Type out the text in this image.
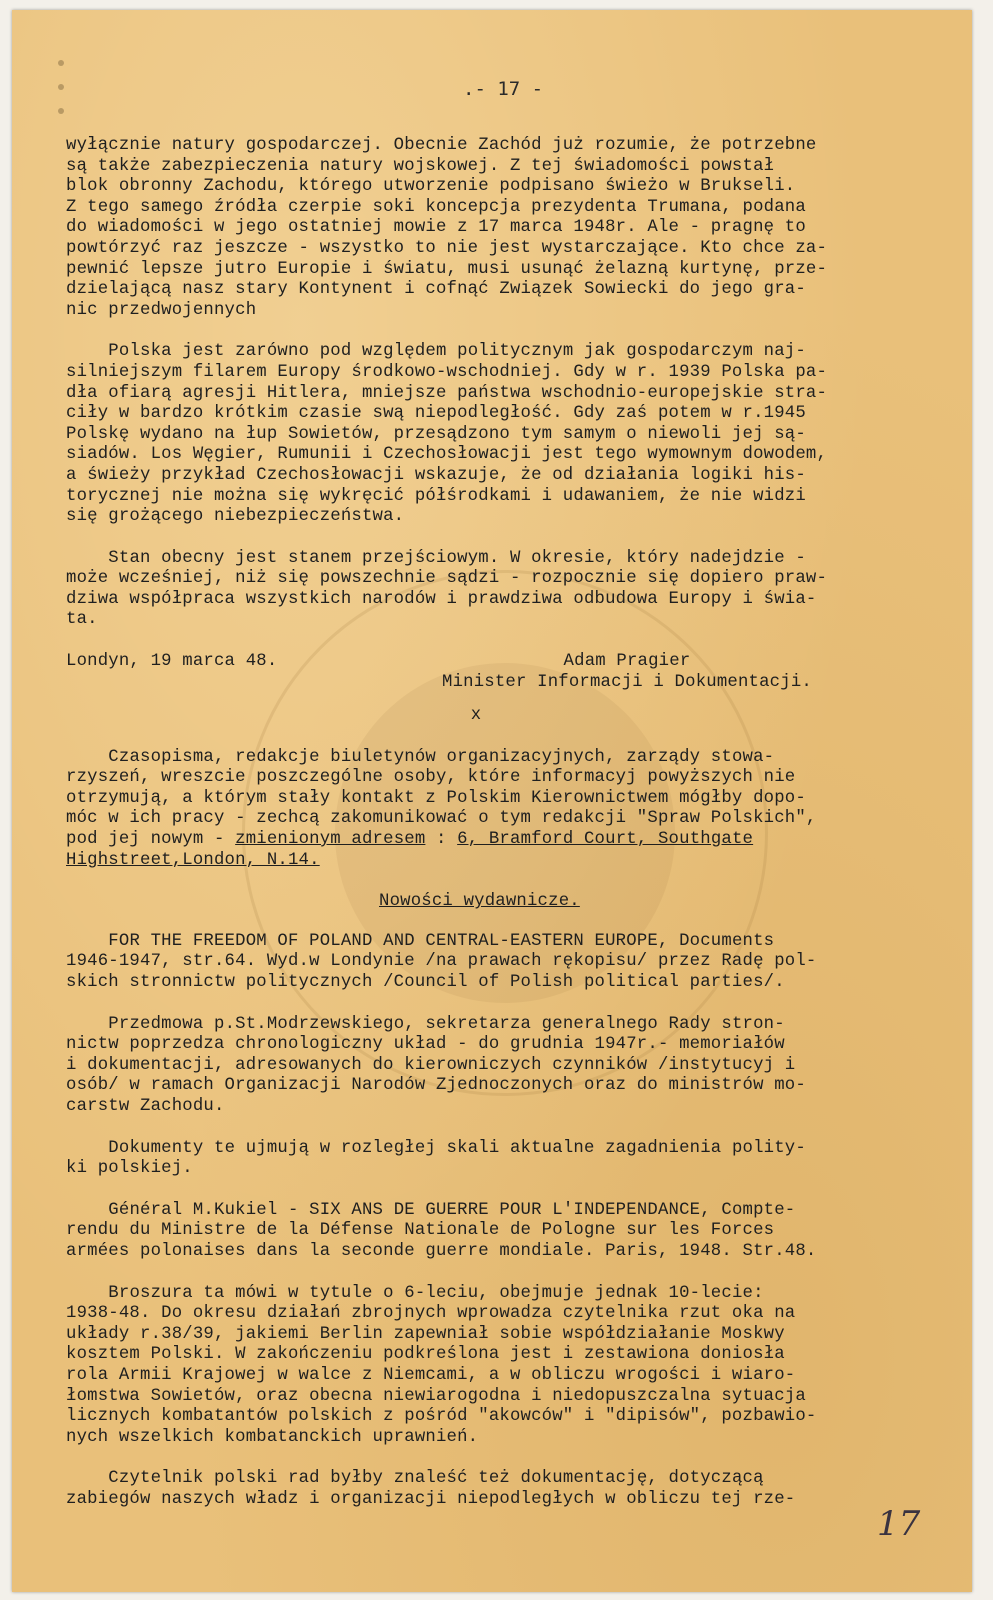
.- 17 -
wyłącznie natury gospodarczej. Obecnie Zachód już rozumie, że potrzebne
są także zabezpieczenia natury wojskowej. Z tej świadomości powstał
blok obronny Zachodu, którego utworzenie podpisano świeżo w Brukseli.
Z tego samego źródła czerpie soki koncepcja prezydenta Trumana, podana
do wiadomości w jego ostatniej mowie z 17 marca 1948r. Ale - pragnę to
powtórzyć raz jeszcze - wszystko to nie jest wystarczające. Kto chce za-
pewnić lepsze jutro Europie i światu, musi usunąć żelazną kurtynę, prze-
dzielającą nasz stary Kontynent i cofnąć Związek Sowiecki do jego gra-
nic przedwojennych
Polska jest zarówno pod względem politycznym jak gospodarczym naj-
silniejszym filarem Europy środkowo-wschodniej. Gdy w r. 1939 Polska pa-
dła ofiarą agresji Hitlera, mniejsze państwa wschodnio-europejskie stra-
ciły w bardzo krótkim czasie swą niepodległość. Gdy zaś potem w r.1945
Polskę wydano na łup Sowietów, przesądzono tym samym o niewoli jej są-
siadów. Los Węgier, Rumunii i Czechosłowacji jest tego wymownym dowodem,
a świeży przykład Czechosłowacji wskazuje, że od działania logiki his-
torycznej nie można się wykręcić półśrodkami i udawaniem, że nie widzi
się grożącego niebezpieczeństwa.
Stan obecny jest stanem przejściowym. W okresie, który nadejdzie -
może wcześniej, niż się powszechnie sądzi - rozpocznie się dopiero praw-
dziwa współpraca wszystkich narodów i prawdziwa odbudowa Europy i świa-
ta.
Londyn, 19 marca 48.	Adam Pragier
Minister Informacji i Dokumentacji.
x
Czasopisma, redakcje biuletynów organizacyjnych, zarządy stowa-
rzyszeń, wreszcie poszczególne osoby, które informacyj powyższych nie
otrzymują, a którym stały kontakt z Polskim Kierownictwem mógłby dopo-
móc w ich pracy - zechcą zakomunikować o tym redakcji "Spraw Polskich",
pod jej nowym - zmienionym adresem : 6, Bramford Court, Southgate
Highstreet,London, N.14.
Nowości wydawnicze.
FOR THE FREEDOM OF POLAND AND CENTRAL-EASTERN EUROPE, Documents
1946-1947, str.64. Wyd.w Londynie /na prawach rękopisu/ przez Radę pol-
skich stronnictw politycznych /Council of Polish political parties/.
Przedmowa p.St.Modrzewskiego, sekretarza generalnego Rady stron-
nictw poprzedza chronologiczny układ - do grudnia 1947r.- memoriałów
i dokumentacji, adresowanych do kierowniczych czynników /instytucyj i
osób/ w ramach Organizacji Narodów Zjednoczonych oraz do ministrów mo-
carstw Zachodu.
Dokumenty te ujmują w rozległej skali aktualne zagadnienia polity-
ki polskiej.
Général M.Kukiel - SIX ANS DE GUERRE POUR L'INDEPENDANCE, Compte-
rendu du Ministre de la Défense Nationale de Pologne sur les Forces
armées polonaises dans la seconde guerre mondiale. Paris, 1948. Str.48.
Broszura ta mówi w tytule o 6-leciu, obejmuje jednak 10-lecie:
1938-48. Do okresu działań zbrojnych wprowadza czytelnika rzut oka na
układy r.38/39, jakiemi Berlin zapewniał sobie współdziałanie Moskwy
kosztem Polski. W zakończeniu podkreślona jest i zestawiona doniosła
rola Armii Krajowej w walce z Niemcami, a w obliczu wrogości i wiaro-
łomstwa Sowietów, oraz obecna niewiarogodna i niedopuszczalna sytuacja
licznych kombatantów polskich z pośród "akowców" i "dipisów", pozbawio-
nych wszelkich kombatanckich uprawnień.
Czytelnik polski rad byłby znaleść też dokumentację, dotyczącą
zabiegów naszych władz i organizacji niepodległych w obliczu tej rze-
17
